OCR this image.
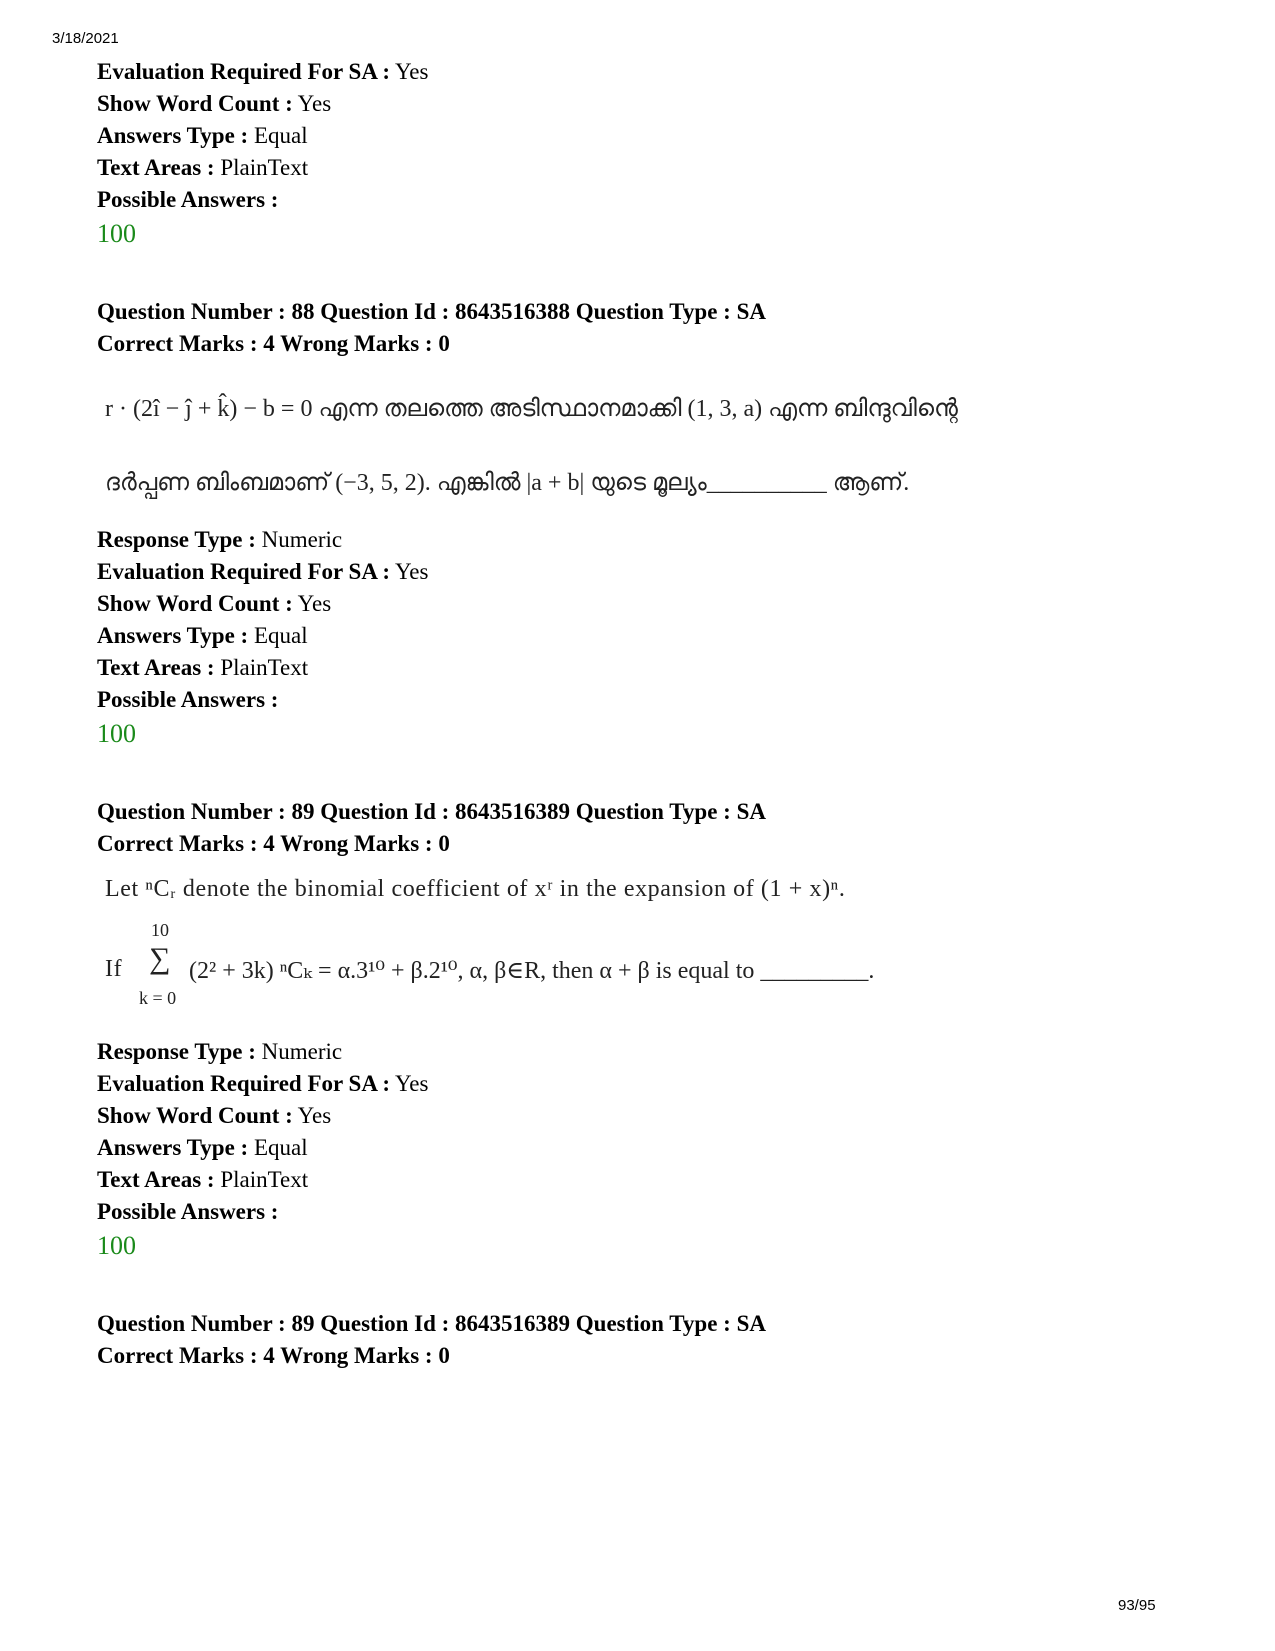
3/18/2021
Evaluation Required For SA : Yes
Show Word Count : Yes
Answers Type : Equal
Text Areas : PlainText
Possible Answers :
100
Question Number : 88 Question Id : 8643516388 Question Type : SA
Correct Marks : 4 Wrong Marks : 0
r · (2î − ĵ + k̂) − b = 0 എന്ന തലത്തെ അടിസ്ഥാനമാക്കി (1, 3, a) എന്ന ബിന്ദുവിന്റെ
ദർപ്പണ ബിംബമാണ് (−3, 5, 2). എങ്കിൽ |a + b| യുടെ മൂല്യം__________ ആണ്.
Response Type : Numeric
Evaluation Required For SA : Yes
Show Word Count : Yes
Answers Type : Equal
Text Areas : PlainText
Possible Answers :
100
Question Number : 89 Question Id : 8643516389 Question Type : SA
Correct Marks : 4 Wrong Marks : 0
Let ⁿCᵣ denote the binomial coefficient of xʳ in the expansion of (1 + x)ⁿ.
If
10
∑
k = 0
(2² + 3k) ⁿCₖ = α.3¹⁰ + β.2¹⁰, α, β∈R, then α + β is equal to _________.
Response Type : Numeric
Evaluation Required For SA : Yes
Show Word Count : Yes
Answers Type : Equal
Text Areas : PlainText
Possible Answers :
100
Question Number : 89 Question Id : 8643516389 Question Type : SA
Correct Marks : 4 Wrong Marks : 0
93/95
